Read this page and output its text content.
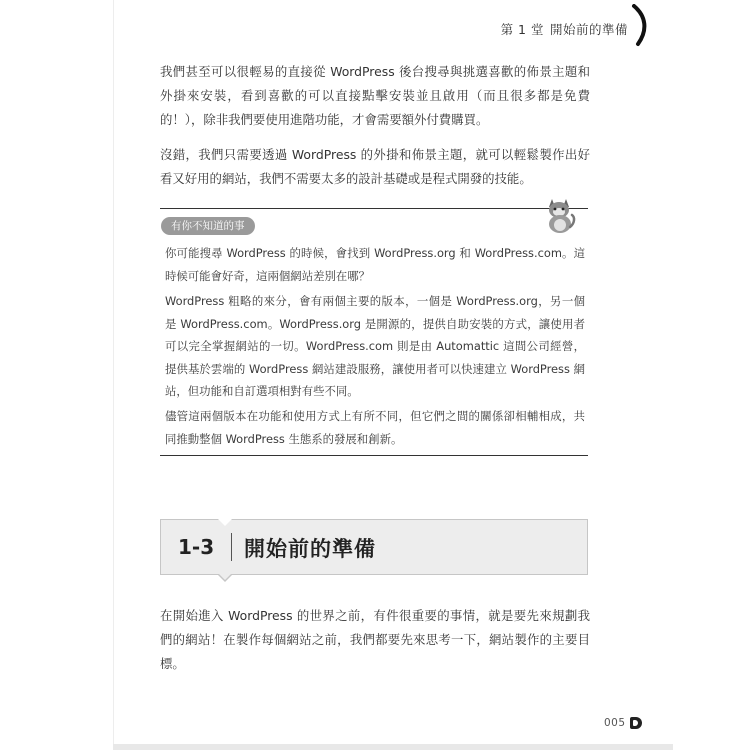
第 1 堂 開始前的準備

我們甚至可以很輕易的直接從 WordPress 後台搜尋與挑選喜歡的佈景主題和外掛來安裝，看到喜歡的可以直接點擊安裝並且啟用（而且很多都是免費的！），除非我們要使用進階功能，才會需要額外付費購買。

沒錯，我們只需要透過 WordPress 的外掛和佈景主題，就可以輕鬆製作出好看又好用的網站，我們不需要太多的設計基礎或是程式開發的技能。

有你不知道的事

你可能搜尋 WordPress 的時候，會找到 WordPress.org 和 WordPress.com。這時候可能會好奇，這兩個網站差別在哪？

WordPress 粗略的來分，會有兩個主要的版本，一個是 WordPress.org，另一個是 WordPress.com。WordPress.org 是開源的，提供自助安裝的方式，讓使用者可以完全掌握網站的一切。WordPress.com 則是由 Automattic 這間公司經營，提供基於雲端的 WordPress 網站建設服務，讓使用者可以快速建立 WordPress 網站，但功能和自訂選項相對有些不同。

儘管這兩個版本在功能和使用方式上有所不同，但它們之間的關係卻相輔相成，共同推動整個 WordPress 生態系的發展和創新。

1-3 開始前的準備

在開始進入 WordPress 的世界之前，有件很重要的事情，就是要先來規劃我們的網站！在製作每個網站之前，我們都要先來思考一下，網站製作的主要目標。

005
